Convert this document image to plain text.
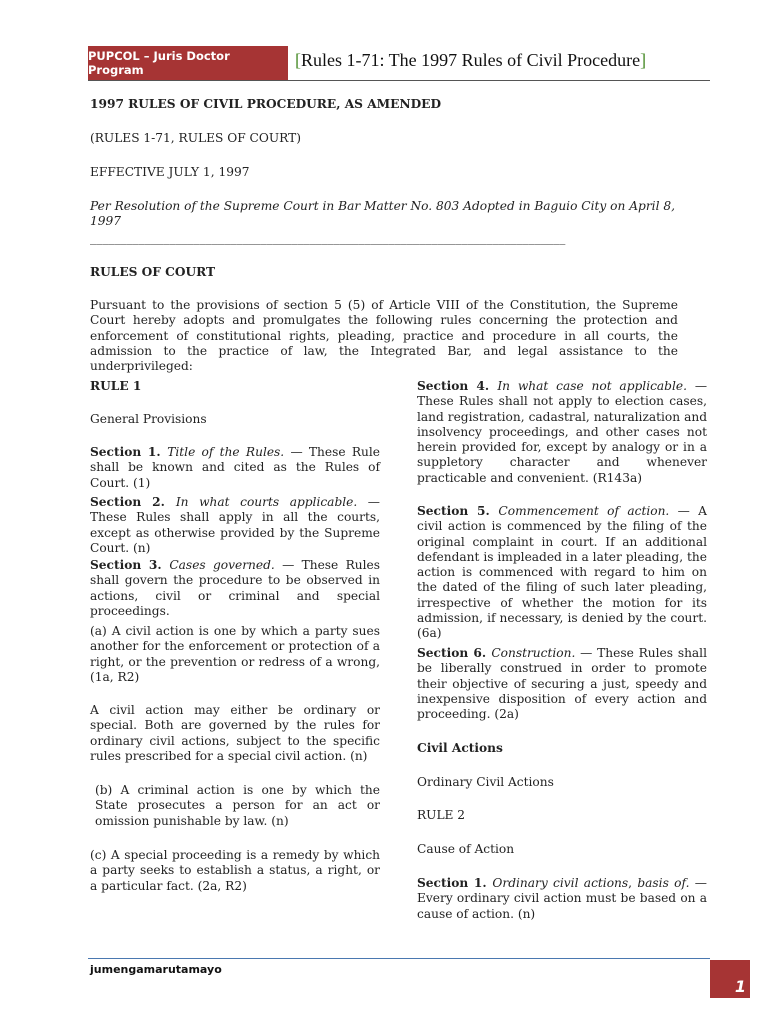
PUPCOL – Juris Doctor Program	[Rules 1-71: The 1997 Rules of Civil Procedure]
1997 RULES OF CIVIL PROCEDURE, AS AMENDED
(RULES 1-71, RULES OF COURT)
EFFECTIVE JULY 1, 1997
Per Resolution of the Supreme Court in Bar Matter No. 803 Adopted in Baguio City on April 8, 1997
______________________________________________________________________________
RULES OF COURT
Pursuant to the provisions of section 5 (5) of Article VIII of the Constitution, the Supreme Court hereby adopts and promulgates the following rules concerning the protection and enforcement of constitutional rights, pleading, practice and procedure in all courts, the admission to the practice of law, the Integrated Bar, and legal assistance to the underprivileged:
RULE 1
General Provisions
Section 1. Title of the Rules. — These Rule shall be known and cited as the Rules of Court. (1)
Section 2. In what courts applicable. — These Rules shall apply in all the courts, except as otherwise provided by the Supreme Court. (n)
Section 3. Cases governed. — These Rules shall govern the procedure to be observed in actions, civil or criminal and special proceedings.
(a) A civil action is one by which a party sues another for the enforcement or protection of a right, or the prevention or redress of a wrong, (1a, R2)
A civil action may either be ordinary or special. Both are governed by the rules for ordinary civil actions, subject to the specific rules prescribed for a special civil action. (n)
(b) A criminal action is one by which the State prosecutes a person for an act or omission punishable by law. (n)
(c) A special proceeding is a remedy by which a party seeks to establish a status, a right, or a particular fact. (2a, R2)
Section 4. In what case not applicable. — These Rules shall not apply to election cases, land registration, cadastral, naturalization and insolvency proceedings, and other cases not herein provided for, except by analogy or in a suppletory character and whenever practicable and convenient. (R143a)
Section 5. Commencement of action. — A civil action is commenced by the filing of the original complaint in court. If an additional defendant is impleaded in a later pleading, the action is commenced with regard to him on the dated of the filing of such later pleading, irrespective of whether the motion for its admission, if necessary, is denied by the court. (6a)
Section 6. Construction. — These Rules shall be liberally construed in order to promote their objective of securing a just, speedy and inexpensive disposition of every action and proceeding. (2a)
Civil Actions
Ordinary Civil Actions
RULE 2
Cause of Action
Section 1. Ordinary civil actions, basis of. — Every ordinary civil action must be based on a cause of action. (n)
jumengamarutamayo
1
